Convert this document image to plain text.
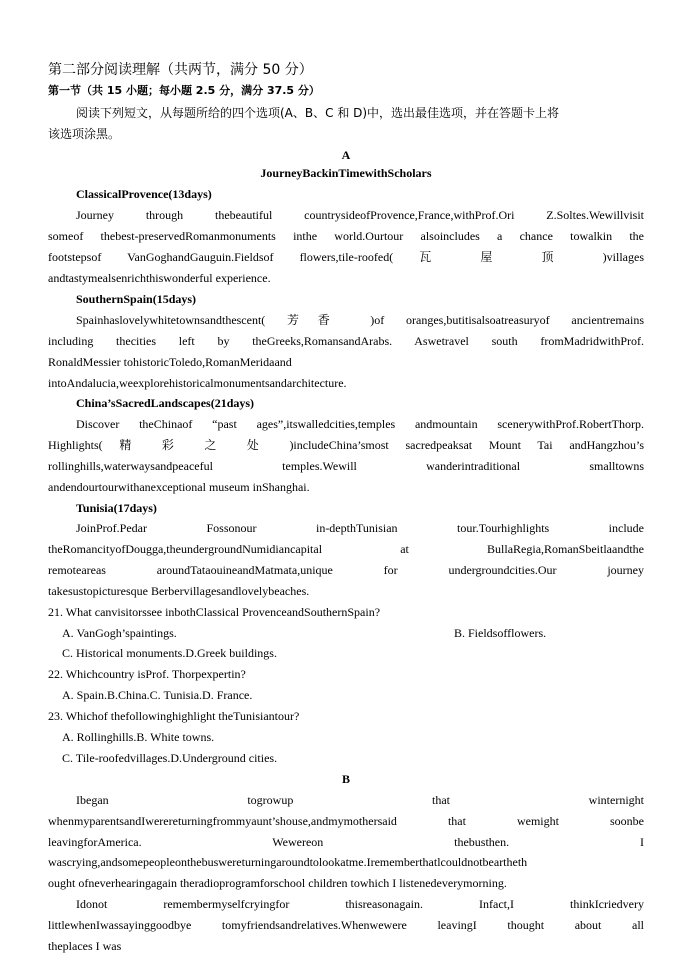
第二部分阅读理解（共两节，满分 50 分）
第一节（共 15 小题；每小题 2.5 分，满分 37.5 分）
阅读下列短文，从每题所给的四个选项(A、B、C 和 D)中，选出最佳选项，并在答题卡上将
该选项涂黑。
A
JourneyBackinTimewithScholars
ClassicalProvence(13days)
Journey through thebeautiful countrysideofProvence,France,withProf.Ori Z.Soltes.Wewillvisit
someof thebest-preservedRomanmonuments inthe world.Ourtour alsoincludes a chance towalkin the
footstepsof VanGoghandGauguin.Fieldsof flowers,tile-roofed( 瓦 屋 顶 )villages
andtastymealsenrichthiswonderful experience.
SouthernSpain(15days)
Spainhaslovelywhitetownsandthescent( 芳香 )of oranges,butitisalsoatreasuryof ancientremains
including thecities left by theGreeks,RomansandArabs. Aswetravel south fromMadridwithProf.
RonaldMessier tohistoricToledo,RomanMeridaand
intoAndalucia,weexplorehistoricalmonumentsandarchitecture.
China’sSacredLandscapes(21days)
Discover theChinaof “past ages”,itswalledcities,temples andmountain scenerywithProf.RobertThorp.
Highlights( 精 彩 之 处 )includeChina’smost sacredpeaksat Mount Tai andHangzhou’s
rollinghills,waterwaysandpeaceful temples.Wewill wanderintraditional smalltowns
andendourtourwithanexceptional museum inShanghai.
Tunisia(17days)
JoinProf.Pedar Fossonour in-depthTunisian tour.Tourhighlights include
theRomancityofDougga,theundergroundNumidiancapital at BullaRegia,RomanSbeitlaandthe
remoteareas aroundTataouineandMatmata,unique for undergroundcities.Our journey
takesustopicturesque Berbervillagesandlovelybeaches.
21. What canvisitorssee inbothClassical ProvenceandSouthernSpain?
A. VanGogh’spaintings.	B. Fieldsofflowers.
C. Historical monuments.D.Greek buildings.
22. Whichcountry isProf. Thorpexpertin?
A. Spain.B.China.C. Tunisia.D. France.
23. Whichof thefollowinghighlight theTunisiantour?
A. Rollinghills.B. White towns.
C. Tile-roofedvillages.D.Underground cities.
B
Ibegan togrowup that winternight
whenmyparentsandIwerereturningfrommyaunt’shouse,andmymothersaid that wemight soonbe
leavingforAmerica. Wewereon thebusthen. I
wascrying,andsomepeopleonthebuswereturningaroundtolookatme.Irememberthatlcouldnotbeartheth
ought ofneverhearingagain theradioprogramforschool children towhich I listenedeverymorning.
Idonot remembermyselfcryingfor thisreasonagain. Infact,I thinkIcriedvery
littlewhenIwassayinggoodbye tomyfriendsandrelatives.Whenwewere leavingI thought about all
theplaces I was
